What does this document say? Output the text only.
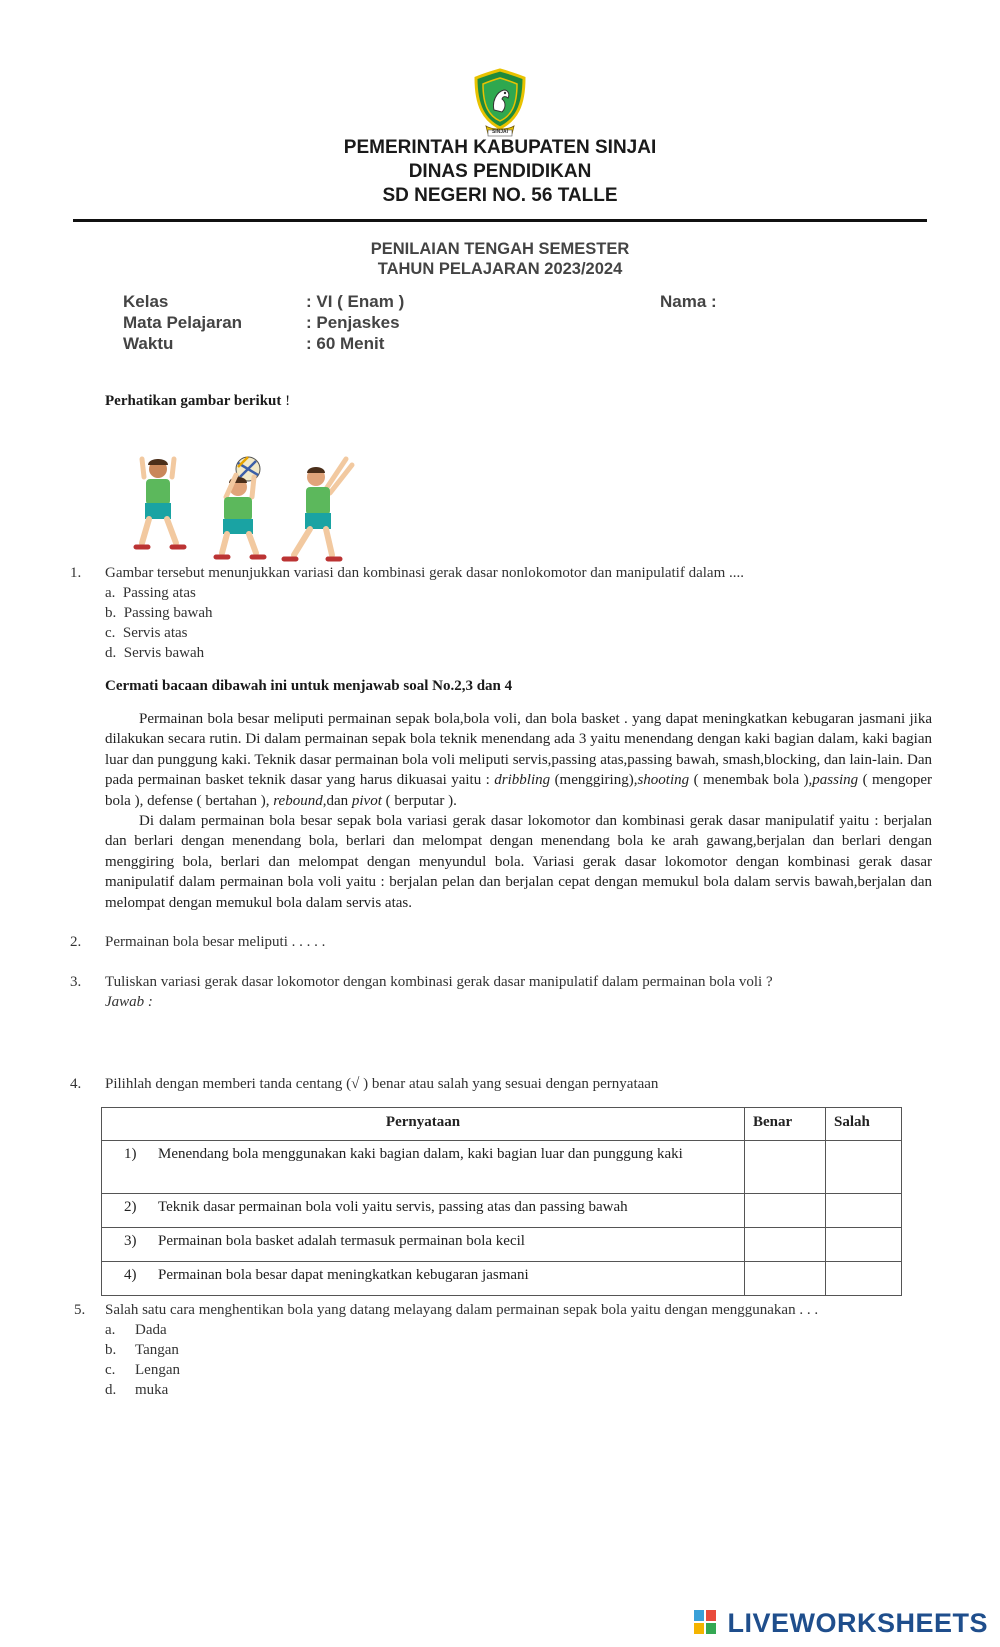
SINJAI
PEMERINTAH KABUPATEN SINJAI
DINAS PENDIDIKAN
SD NEGERI NO. 56 TALLE
PENILAIAN TENGAH SEMESTER
TAHUN PELAJARAN 2023/2024
Kelas	: VI ( Enam )	Nama :
Mata Pelajaran	: Penjaskes
Waktu	: 60 Menit
Perhatikan gambar berikut !
1. Gambar tersebut menunjukkan variasi dan kombinasi gerak dasar nonlokomotor dan manipulatif dalam ....
a. Passing atas
b. Passing bawah
c. Servis atas
d. Servis bawah
Cermati bacaan dibawah ini untuk menjawab soal No.2,3 dan 4

Permainan bola besar meliputi permainan sepak bola,bola voli, dan bola basket . yang dapat meningkatkan kebugaran jasmani jika dilakukan secara rutin. Di dalam permainan sepak bola teknik menendang ada 3 yaitu menendang dengan kaki bagian dalam, kaki bagian luar dan punggung kaki. Teknik dasar permainan bola voli meliputi servis,passing atas,passing bawah, smash,blocking, dan lain-lain. Dan pada permainan basket teknik dasar yang harus dikuasai yaitu : dribbling (menggiring),shooting ( menembak bola ),passing ( mengoper bola ), defense ( bertahan ), rebound,dan pivot ( berputar ).

Di dalam permainan bola besar sepak bola variasi gerak dasar lokomotor dan kombinasi gerak dasar manipulatif yaitu : berjalan dan berlari dengan menendang bola, berlari dan melompat dengan menendang bola ke arah gawang,berjalan dan berlari dengan menggiring bola, berlari dan melompat dengan menyundul bola. Variasi gerak dasar lokomotor dengan kombinasi gerak dasar manipulatif dalam permainan bola voli yaitu : berjalan pelan dan berjalan cepat dengan memukul bola dalam servis bawah,berjalan dan melompat dengan memukul bola dalam servis atas.

2. Permainan bola besar meliputi . . . . .
3. Tuliskan variasi gerak dasar lokomotor dengan kombinasi gerak dasar manipulatif dalam permainan bola voli ?
Jawab :
4. Pilihlah dengan memberi tanda centang (√ ) benar atau salah yang sesuai dengan pernyataan
Pernyataan	Benar	Salah

1) Menendang bola menggunakan kaki bagian dalam, kaki bagian luar dan punggung kaki		

2) Teknik dasar permainan bola voli yaitu servis, passing atas dan passing bawah		

3) Permainan bola basket adalah termasuk permainan bola kecil		

4) Permainan bola besar dapat meningkatkan kebugaran jasmani		

5. Salah satu cara menghentikan bola yang datang melayang dalam permainan sepak bola yaitu dengan menggunakan . . .
a. Dada
b. Tangan
c. Lengan
d. muka
LIVEWORKSHEETS
